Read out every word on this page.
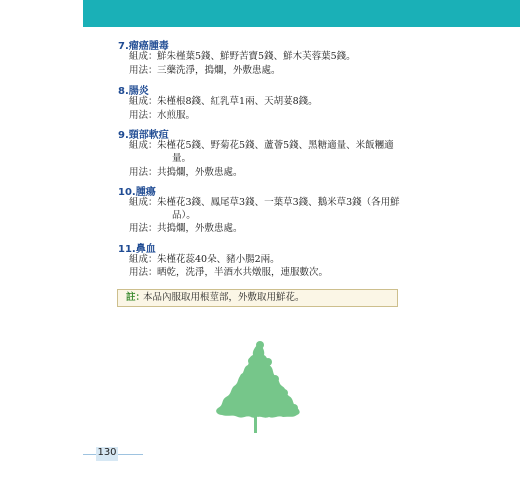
7.瘤癌腫毒
組成： 鮮朱槿葉5錢、鮮野苦寶5錢、鮮木芙蓉葉5錢。
用法： 三藥洗淨，搗爛，外敷患處。
8.腸炎
組成： 朱槿根8錢、紅乳草1兩、天胡荽8錢。
用法： 水煎服。
9.頸部軟疽
組成： 朱槿花5錢、野菊花5錢、蘆薈5錢、黑糖適量、米飯糰適
量。
用法： 共搗爛，外敷患處。
10.腫瘍
組成： 朱槿花3錢、鳳尾草3錢、一葉草3錢、鵝米草3錢（各用鮮
品）。
用法： 共搗爛，外敷患處。
11.鼻血
組成： 朱槿花蕊40朵、豬小腸2兩。
用法： 晒乾，洗淨，半酒水共燉服，連服數次。
註：
本品內服取用根莖部，外敷取用鮮花。
130
